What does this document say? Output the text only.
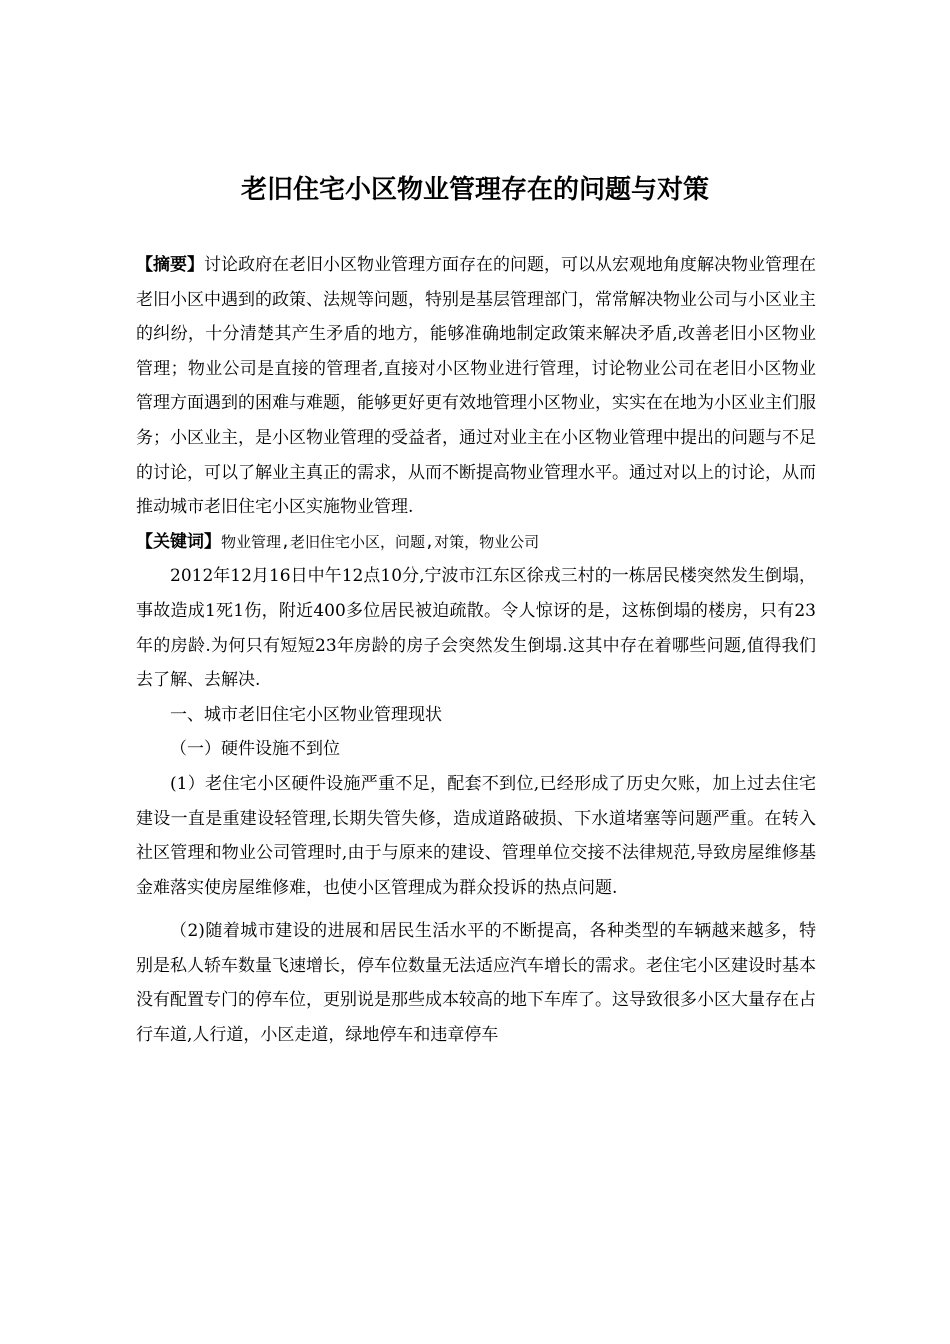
老旧住宅小区物业管理存在的问题与对策

【摘要】讨论政府在老旧小区物业管理方面存在的问题，可以从宏观地角度解决物业管理在老旧小区中遇到的政策、法规等问题，特别是基层管理部门，常常解决物业公司与小区业主的纠纷，十分清楚其产生矛盾的地方，能够准确地制定政策来解决矛盾,改善老旧小区物业管理；物业公司是直接的管理者,直接对小区物业进行管理，讨论物业公司在老旧小区物业管理方面遇到的困难与难题，能够更好更有效地管理小区物业，实实在在地为小区业主们服务；小区业主，是小区物业管理的受益者，通过对业主在小区物业管理中提出的问题与不足的讨论，可以了解业主真正的需求，从而不断提高物业管理水平。通过对以上的讨论，从而推动城市老旧住宅小区实施物业管理.

【关键词】物业管理,老旧住宅小区，问题,对策，物业公司

2012年12月16日中午12点10分,宁波市江东区徐戎三村的一栋居民楼突然发生倒塌，事故造成1死1伤，附近400多位居民被迫疏散。令人惊讶的是，这栋倒塌的楼房，只有23年的房龄.为何只有短短23年房龄的房子会突然发生倒塌.这其中存在着哪些问题,值得我们去了解、去解决.

一、城市老旧住宅小区物业管理现状

（一）硬件设施不到位

(1）老住宅小区硬件设施严重不足，配套不到位,已经形成了历史欠账，加上过去住宅建设一直是重建设轻管理,长期失管失修，造成道路破损、下水道堵塞等问题严重。在转入社区管理和物业公司管理时,由于与原来的建设、管理单位交接不法律规范,导致房屋维修基金难落实使房屋维修难，也使小区管理成为群众投诉的热点问题.

（2)随着城市建设的进展和居民生活水平的不断提高，各种类型的车辆越来越多，特别是私人轿车数量飞速增长，停车位数量无法适应汽车增长的需求。老住宅小区建设时基本没有配置专门的停车位，更别说是那些成本较高的地下车库了。这导致很多小区大量存在占行车道,人行道，小区走道，绿地停车和违章停车
